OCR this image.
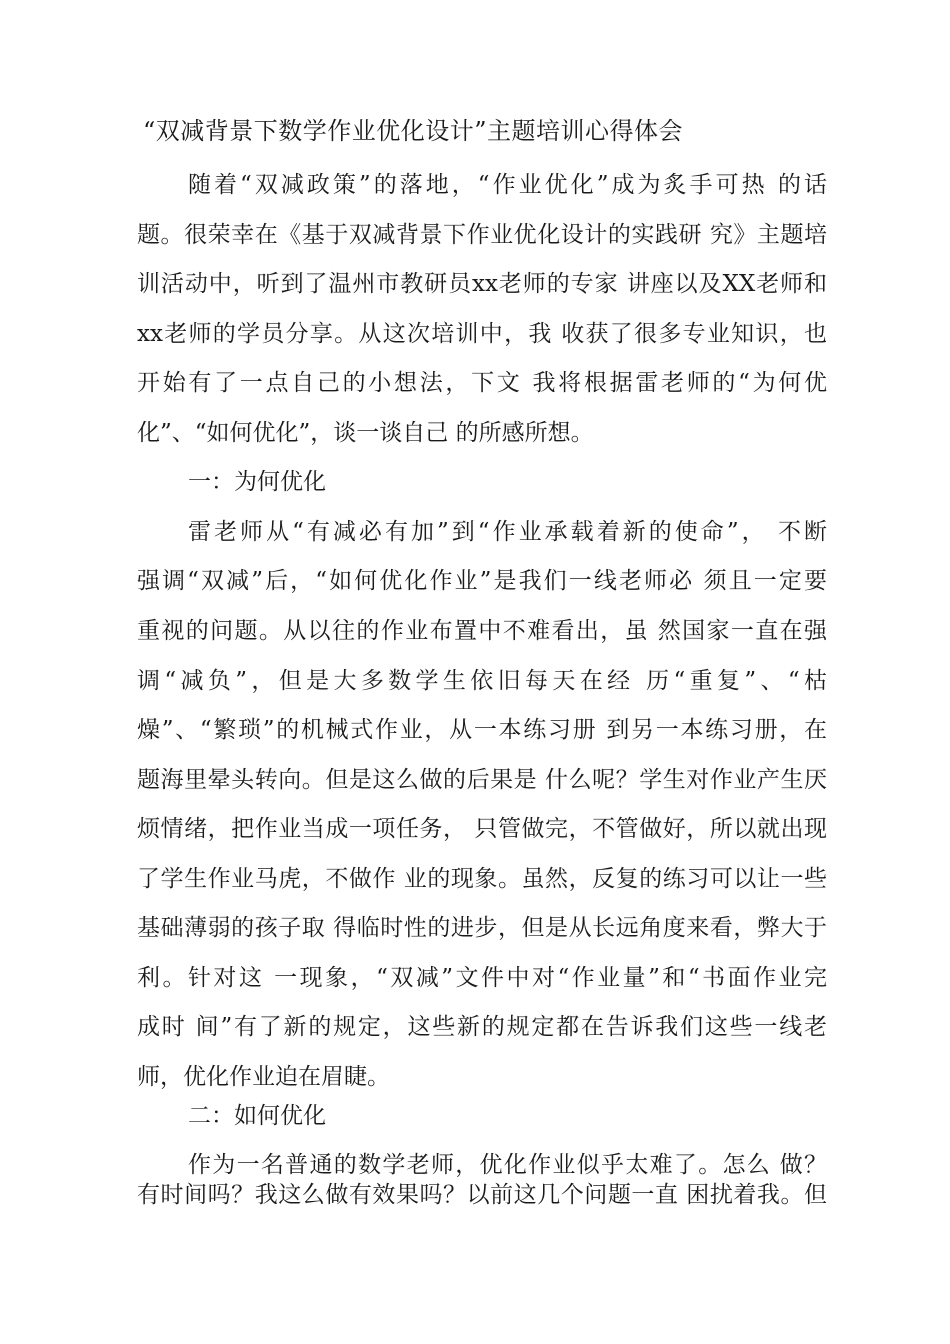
“双减背景下数学作业优化设计”主题培训心得体会
随着“双减政策”的落地，“作业优化”成为炙手可热 的话
题。很荣幸在《基于双减背景下作业优化设计的实践研 究》主题培
训活动中，听到了温州市教研员xx老师的专家 讲座以及XX老师和
xx老师的学员分享。从这次培训中，我 收获了很多专业知识，也
开始有了一点自己的小想法，下文 我将根据雷老师的“为何优
化”、“如何优化”，谈一谈自己 的所感所想。
一：为何优化
雷老师从“有减必有加”到“作业承载着新的使命”， 不断
强调“双减”后，“如何优化作业”是我们一线老师必 须且一定要
重视的问题。从以往的作业布置中不难看出，虽 然国家一直在强
调“减负”，但是大多数学生依旧每天在经 历“重复”、“枯
燥”、“繁琐”的机械式作业，从一本练习册 到另一本练习册，在
题海里晕头转向。但是这么做的后果是 什么呢？学生对作业产生厌
烦情绪，把作业当成一项任务， 只管做完，不管做好，所以就出现
了学生作业马虎，不做作 业的现象。虽然，反复的练习可以让一些
基础薄弱的孩子取 得临时性的进步，但是从长远角度来看，弊大于
利。针对这 一现象，“双减”文件中对“作业量”和“书面作业完
成时 间”有了新的规定，这些新的规定都在告诉我们这些一线老
师，优化作业迫在眉睫。
二：如何优化
作为一名普通的数学老师，优化作业似乎太难了。怎么 做？
有时间吗？我这么做有效果吗？以前这几个问题一直 困扰着我。但
